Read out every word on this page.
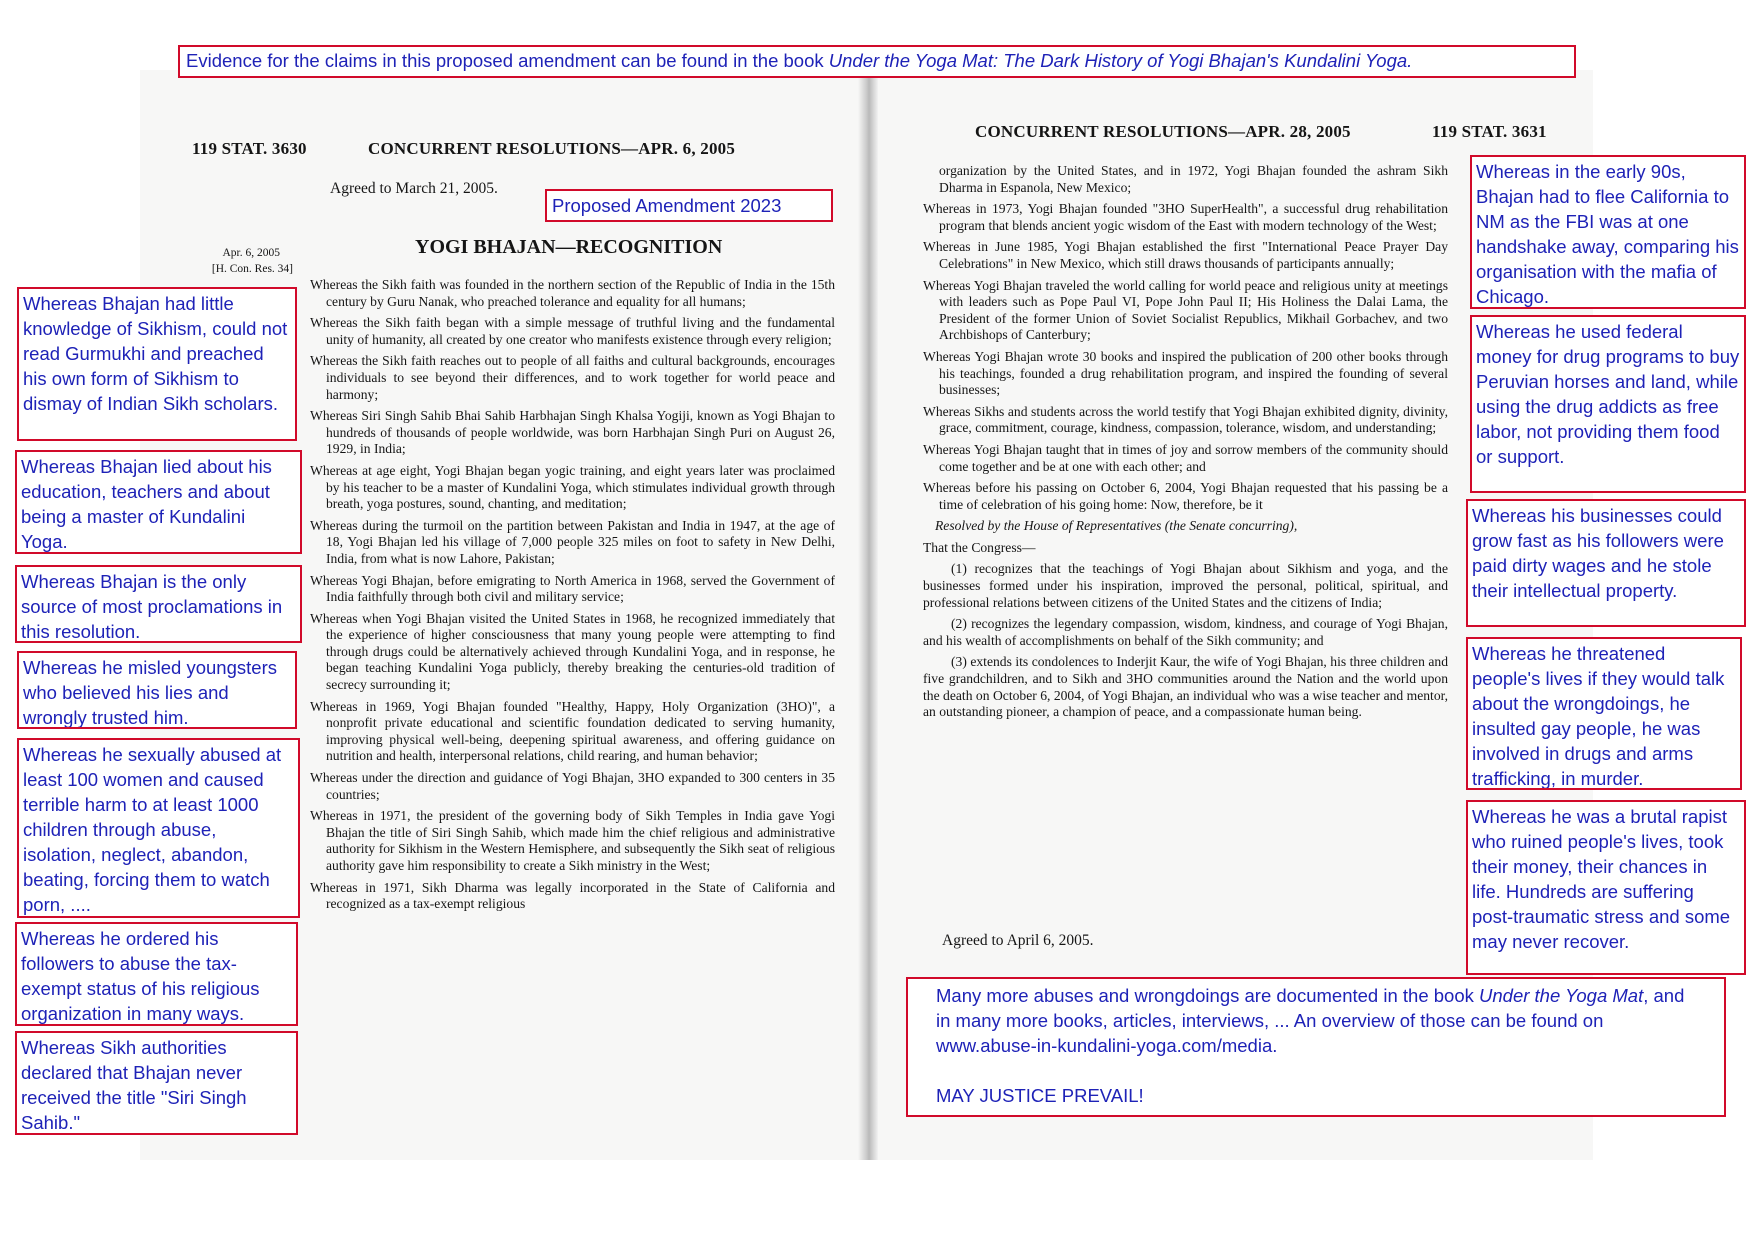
Evidence for the claims in this proposed amendment can be found in the book Under the Yoga Mat: The Dark History of Yogi Bhajan's Kundalini Yoga.
119 STAT. 3630	CONCURRENT RESOLUTIONS—APR. 6, 2005
Agreed to March 21, 2005.
Apr. 6, 2005
[H. Con. Res. 34]
YOGI BHAJAN—RECOGNITION

Whereas the Sikh faith was founded in the northern section of the Republic of India in the 15th century by Guru Nanak, who preached tolerance and equality for all humans;

Whereas the Sikh faith began with a simple message of truthful living and the fundamental unity of humanity, all created by one creator who manifests existence through every religion;

Whereas the Sikh faith reaches out to people of all faiths and cultural backgrounds, encourages individuals to see beyond their differences, and to work together for world peace and harmony;

Whereas Siri Singh Sahib Bhai Sahib Harbhajan Singh Khalsa Yogiji, known as Yogi Bhajan to hundreds of thousands of people worldwide, was born Harbhajan Singh Puri on August 26, 1929, in India;

Whereas at age eight, Yogi Bhajan began yogic training, and eight years later was proclaimed by his teacher to be a master of Kundalini Yoga, which stimulates individual growth through breath, yoga postures, sound, chanting, and meditation;

Whereas during the turmoil on the partition between Pakistan and India in 1947, at the age of 18, Yogi Bhajan led his village of 7,000 people 325 miles on foot to safety in New Delhi, India, from what is now Lahore, Pakistan;

Whereas Yogi Bhajan, before emigrating to North America in 1968, served the Government of India faithfully through both civil and military service;

Whereas when Yogi Bhajan visited the United States in 1968, he recognized immediately that the experience of higher consciousness that many young people were attempting to find through drugs could be alternatively achieved through Kundalini Yoga, and in response, he began teaching Kundalini Yoga publicly, thereby breaking the centuries-old tradition of secrecy surrounding it;

Whereas in 1969, Yogi Bhajan founded "Healthy, Happy, Holy Organization (3HO)", a nonprofit private educational and scientific foundation dedicated to serving humanity, improving physical well-being, deepening spiritual awareness, and offering guidance on nutrition and health, interpersonal relations, child rearing, and human behavior;

Whereas under the direction and guidance of Yogi Bhajan, 3HO expanded to 300 centers in 35 countries;

Whereas in 1971, the president of the governing body of Sikh Temples in India gave Yogi Bhajan the title of Siri Singh Sahib, which made him the chief religious and administrative authority for Sikhism in the Western Hemisphere, and subsequently the Sikh seat of religious authority gave him responsibility to create a Sikh ministry in the West;

Whereas in 1971, Sikh Dharma was legally incorporated in the State of California and recognized as a tax-exempt religious

CONCURRENT RESOLUTIONS—APR. 28, 2005	119 STAT. 3631

organization by the United States, and in 1972, Yogi Bhajan founded the ashram Sikh Dharma in Espanola, New Mexico;

Whereas in 1973, Yogi Bhajan founded "3HO SuperHealth", a successful drug rehabilitation program that blends ancient yogic wisdom of the East with modern technology of the West;

Whereas in June 1985, Yogi Bhajan established the first "International Peace Prayer Day Celebrations" in New Mexico, which still draws thousands of participants annually;

Whereas Yogi Bhajan traveled the world calling for world peace and religious unity at meetings with leaders such as Pope Paul VI, Pope John Paul II; His Holiness the Dalai Lama, the President of the former Union of Soviet Socialist Republics, Mikhail Gorbachev, and two Archbishops of Canterbury;

Whereas Yogi Bhajan wrote 30 books and inspired the publication of 200 other books through his teachings, founded a drug rehabilitation program, and inspired the founding of several businesses;

Whereas Sikhs and students across the world testify that Yogi Bhajan exhibited dignity, divinity, grace, commitment, courage, kindness, compassion, tolerance, wisdom, and understanding;

Whereas Yogi Bhajan taught that in times of joy and sorrow members of the community should come together and be at one with each other; and

Whereas before his passing on October 6, 2004, Yogi Bhajan requested that his passing be a time of celebration of his going home: Now, therefore, be it

Resolved by the House of Representatives (the Senate concurring),

That the Congress—

(1) recognizes that the teachings of Yogi Bhajan about Sikhism and yoga, and the businesses formed under his inspiration, improved the personal, political, spiritual, and professional relations between citizens of the United States and the citizens of India;

(2) recognizes the legendary compassion, wisdom, kindness, and courage of Yogi Bhajan, and his wealth of accomplishments on behalf of the Sikh community; and

(3) extends its condolences to Inderjit Kaur, the wife of Yogi Bhajan, his three children and five grandchildren, and to Sikh and 3HO communities around the Nation and the world upon the death on October 6, 2004, of Yogi Bhajan, an individual who was a wise teacher and mentor, an outstanding pioneer, a champion of peace, and a compassionate human being.

Agreed to April 6, 2005.
Proposed Amendment 2023
Whereas Bhajan had little knowledge of Sikhism, could not read Gurmukhi and preached his own form of Sikhism to dismay of Indian Sikh scholars.
Whereas Bhajan lied about his education, teachers and about being a master of Kundalini Yoga.
Whereas Bhajan is the only source of most proclamations in this resolution.
Whereas he misled youngsters who believed his lies and wrongly trusted him.
Whereas he sexually abused at least 100 women and caused terrible harm to at least 1000 children through abuse, isolation, neglect, abandon, beating, forcing them to watch porn, ....
Whereas he ordered his followers to abuse the tax-exempt status of his religious organization in many ways.
Whereas Sikh authorities declared that Bhajan never received the title "Siri Singh Sahib."
Whereas in the early 90s, Bhajan had to flee California to NM as the FBI was at one handshake away, comparing his organisation with the mafia of Chicago.
Whereas he used federal money for drug programs to buy Peruvian horses and land, while using the drug addicts as free labor, not providing them food or support.
Whereas his businesses could grow fast as his followers were paid dirty wages and he stole their intellectual property.
Whereas he threatened people's lives if they would talk about the wrongdoings, he insulted gay people, he was involved in drugs and arms trafficking, in murder.
Whereas he was a brutal rapist who ruined people's lives, took their money, their chances in life. Hundreds are suffering post-traumatic stress and some may never recover.
Many more abuses and wrongdoings are documented in the book Under the Yoga Mat, and in many more books, articles, interviews, ... An overview of those can be found on www.abuse-in-kundalini-yoga.com/media.
MAY JUSTICE PREVAIL!
